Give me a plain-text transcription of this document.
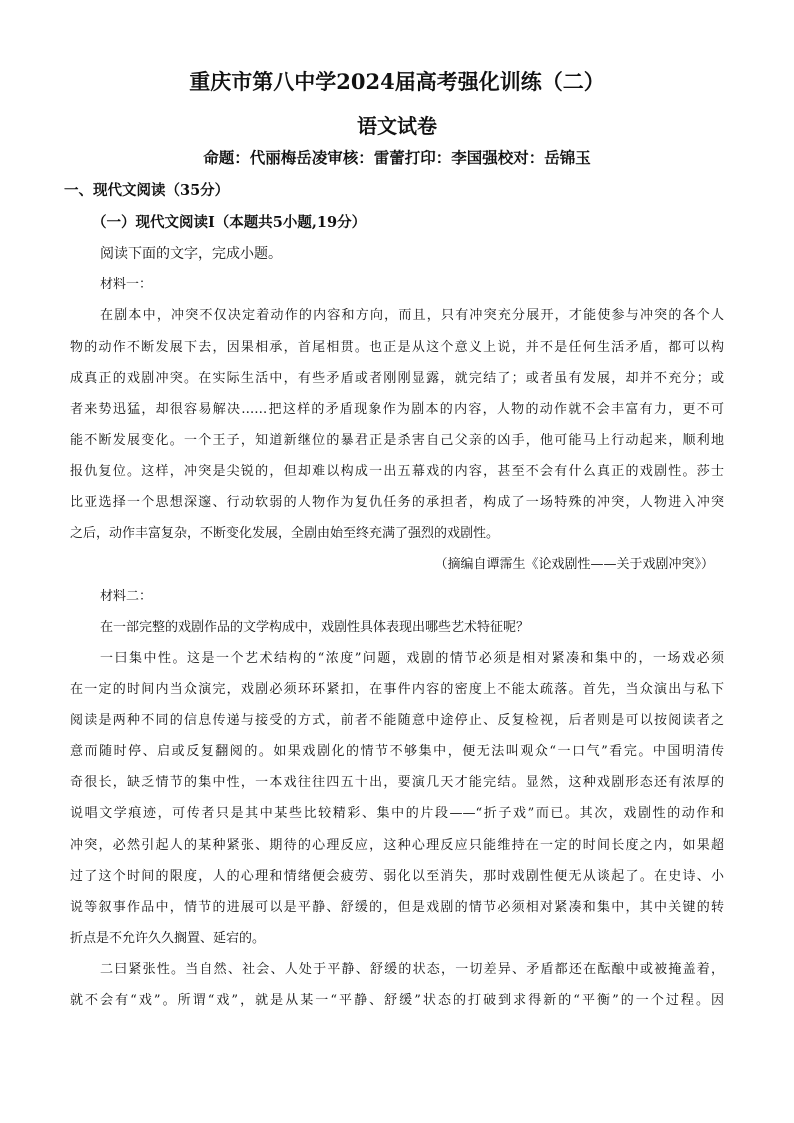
重庆市第八中学2024届高考强化训练（二）
语文试卷
命题：代丽梅岳凌审核：雷蕾打印：李国强校对：岳锦玉
一、现代文阅读（35分）
（一）现代文阅读Ⅰ（本题共5小题,19分）
阅读下面的文字，完成小题。
材料一：
在剧本中，冲突不仅决定着动作的内容和方向，而且，只有冲突充分展开，才能使参与冲突的各个人
物的动作不断发展下去，因果相承，首尾相贯。也正是从这个意义上说，并不是任何生活矛盾，都可以构
成真正的戏剧冲突。在实际生活中，有些矛盾或者刚刚显露，就完结了；或者虽有发展，却并不充分；或
者来势迅猛，却很容易解决……把这样的矛盾现象作为剧本的内容，人物的动作就不会丰富有力，更不可
能不断发展变化。一个王子，知道新继位的暴君正是杀害自己父亲的凶手，他可能马上行动起来，顺利地
报仇复位。这样，冲突是尖锐的，但却难以构成一出五幕戏的内容，甚至不会有什么真正的戏剧性。莎士
比亚选择一个思想深邃、行动软弱的人物作为复仇任务的承担者，构成了一场特殊的冲突，人物进入冲突
之后，动作丰富复杂，不断变化发展，全剧由始至终充满了强烈的戏剧性。
（摘编自谭霈生《论戏剧性——关于戏剧冲突》）
材料二：
在一部完整的戏剧作品的文学构成中，戏剧性具体表现出哪些艺术特征呢？
一曰集中性。这是一个艺术结构的“浓度”问题，戏剧的情节必须是相对紧凑和集中的，一场戏必须
在一定的时间内当众演完，戏剧必须环环紧扣，在事件内容的密度上不能太疏落。首先，当众演出与私下
阅读是两种不同的信息传递与接受的方式，前者不能随意中途停止、反复检视，后者则是可以按阅读者之
意而随时停、启或反复翻阅的。如果戏剧化的情节不够集中，便无法叫观众“一口气”看完。中国明清传
奇很长，缺乏情节的集中性，一本戏往往四五十出，要演几天才能完结。显然，这种戏剧形态还有浓厚的
说唱文学痕迹，可传者只是其中某些比较精彩、集中的片段——“折子戏”而已。其次，戏剧性的动作和
冲突，必然引起人的某种紧张、期待的心理反应，这种心理反应只能维持在一定的时间长度之内，如果超
过了这个时间的限度，人的心理和情绪便会疲劳、弱化以至消失，那时戏剧性便无从谈起了。在史诗、小
说等叙事作品中，情节的进展可以是平静、舒缓的，但是戏剧的情节必须相对紧凑和集中，其中关键的转
折点是不允许久久搁置、延宕的。
二曰紧张性。当自然、社会、人处于平静、舒缓的状态，一切差异、矛盾都还在酝酿中或被掩盖着，
就不会有“戏”。所谓“戏”，就是从某一“平静、舒缓”状态的打破到求得新的“平衡”的一个过程。因
